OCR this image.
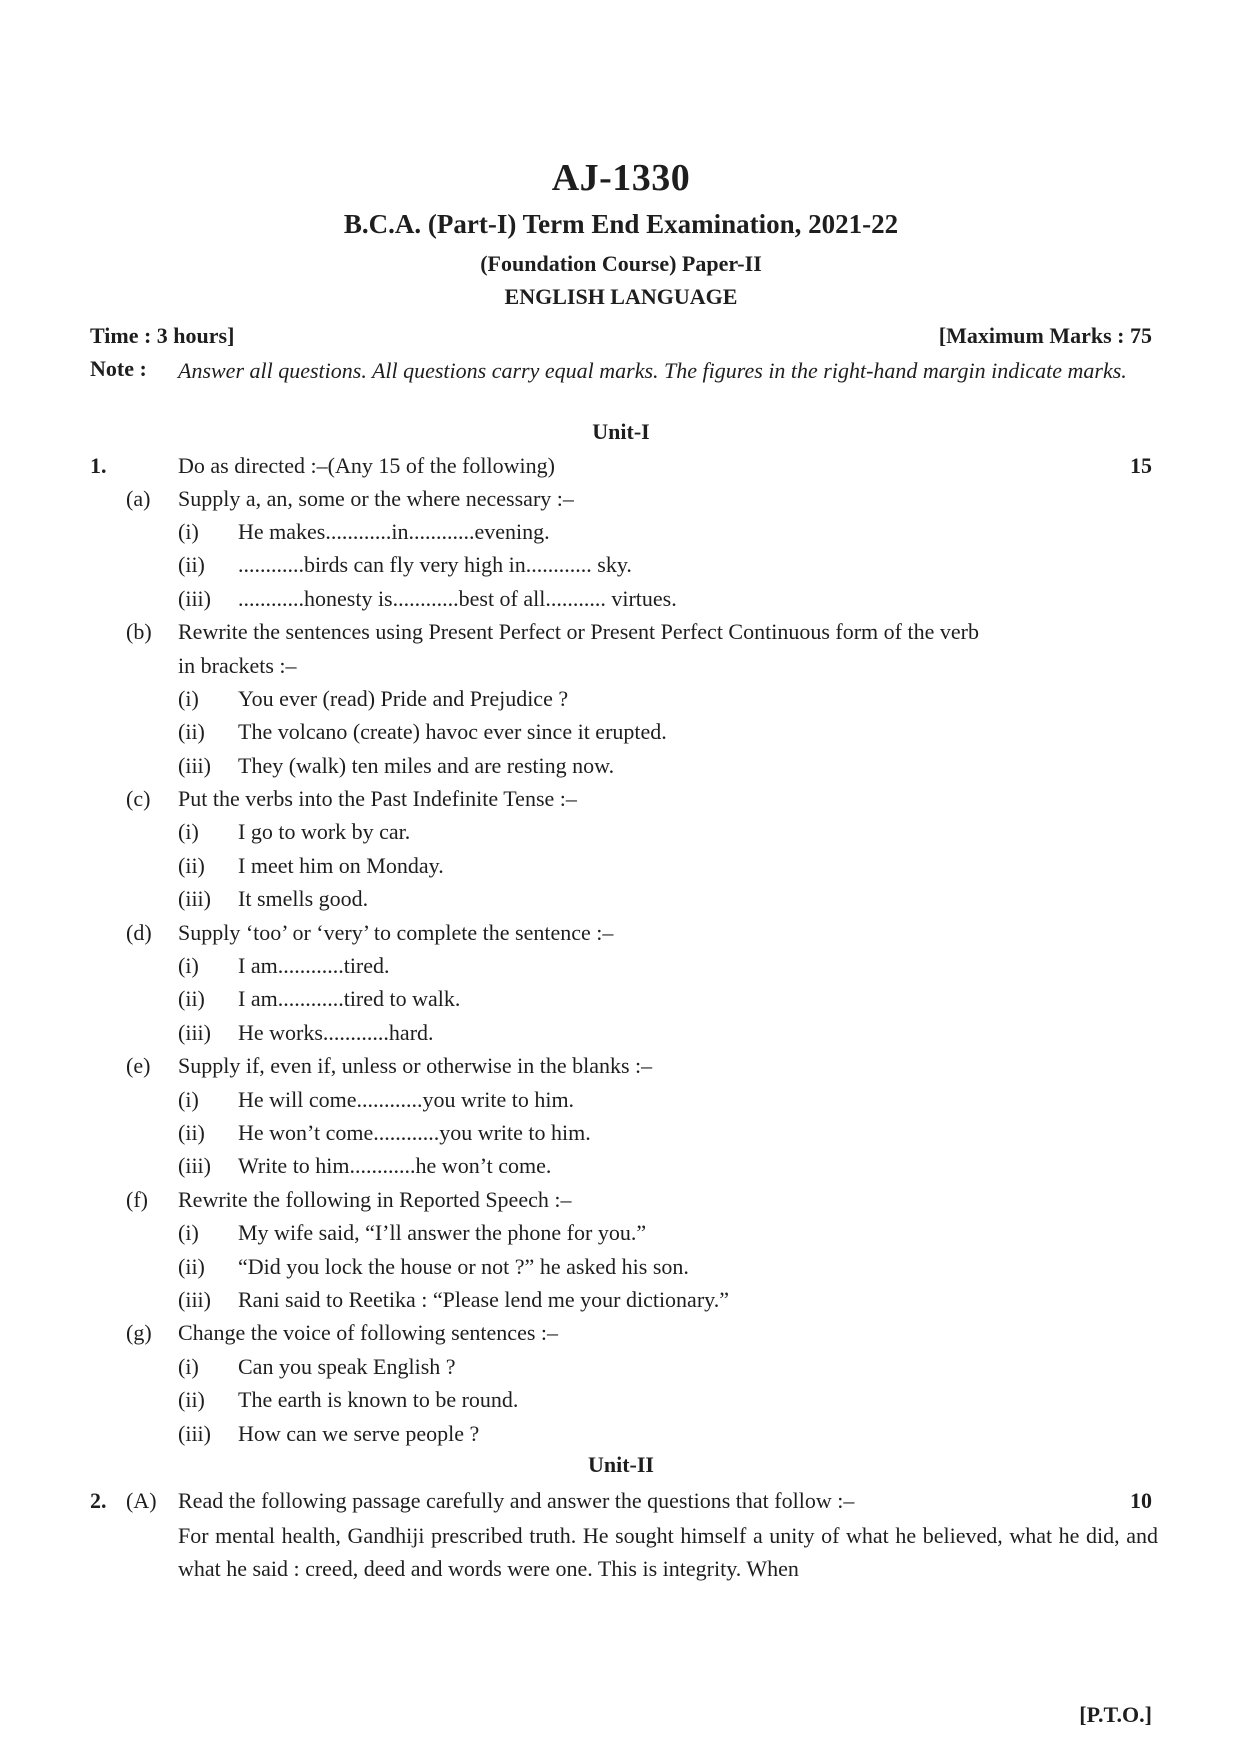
AJ-1330
B.C.A. (Part-I) Term End Examination, 2021-22
(Foundation Course) Paper-II
ENGLISH LANGUAGE
Time : 3 hours]	[Maximum Marks : 75
Note : Answer all questions. All questions carry equal marks. The figures in the right-hand margin indicate marks.
Unit-I
1.	Do as directed :–(Any 15 of the following)	15
(a) Supply a, an, some or the where necessary :–
(i) He makes............in............evening.
(ii) ............birds can fly very high in............ sky.
(iii) ............honesty is............best of all........... virtues.
(b) Rewrite the sentences using Present Perfect or Present Perfect Continuous form of the verb
in brackets :–
(i) You ever (read) Pride and Prejudice ?
(ii) The volcano (create) havoc ever since it erupted.
(iii) They (walk) ten miles and are resting now.
(c) Put the verbs into the Past Indefinite Tense :–
(i) I go to work by car.
(ii) I meet him on Monday.
(iii) It smells good.
(d) Supply ‘too’ or ‘very’ to complete the sentence :–
(i) I am............tired.
(ii) I am............tired to walk.
(iii) He works............hard.
(e) Supply if, even if, unless or otherwise in the blanks :–
(i) He will come............you write to him.
(ii) He won’t come............you write to him.
(iii) Write to him............he won’t come.
(f) Rewrite the following in Reported Speech :–
(i) My wife said, “I’ll answer the phone for you.”
(ii) “Did you lock the house or not ?” he asked his son.
(iii) Rani said to Reetika : “Please lend me your dictionary.”
(g) Change the voice of following sentences :–
(i) Can you speak English ?
(ii) The earth is known to be round.
(iii) How can we serve people ?
Unit-II
2. (A) Read the following passage carefully and answer the questions that follow :–	10
For mental health, Gandhiji prescribed truth. He sought himself a unity of what he believed, what he did, and what he said : creed, deed and words were one. This is integrity. When
[P.T.O.]
